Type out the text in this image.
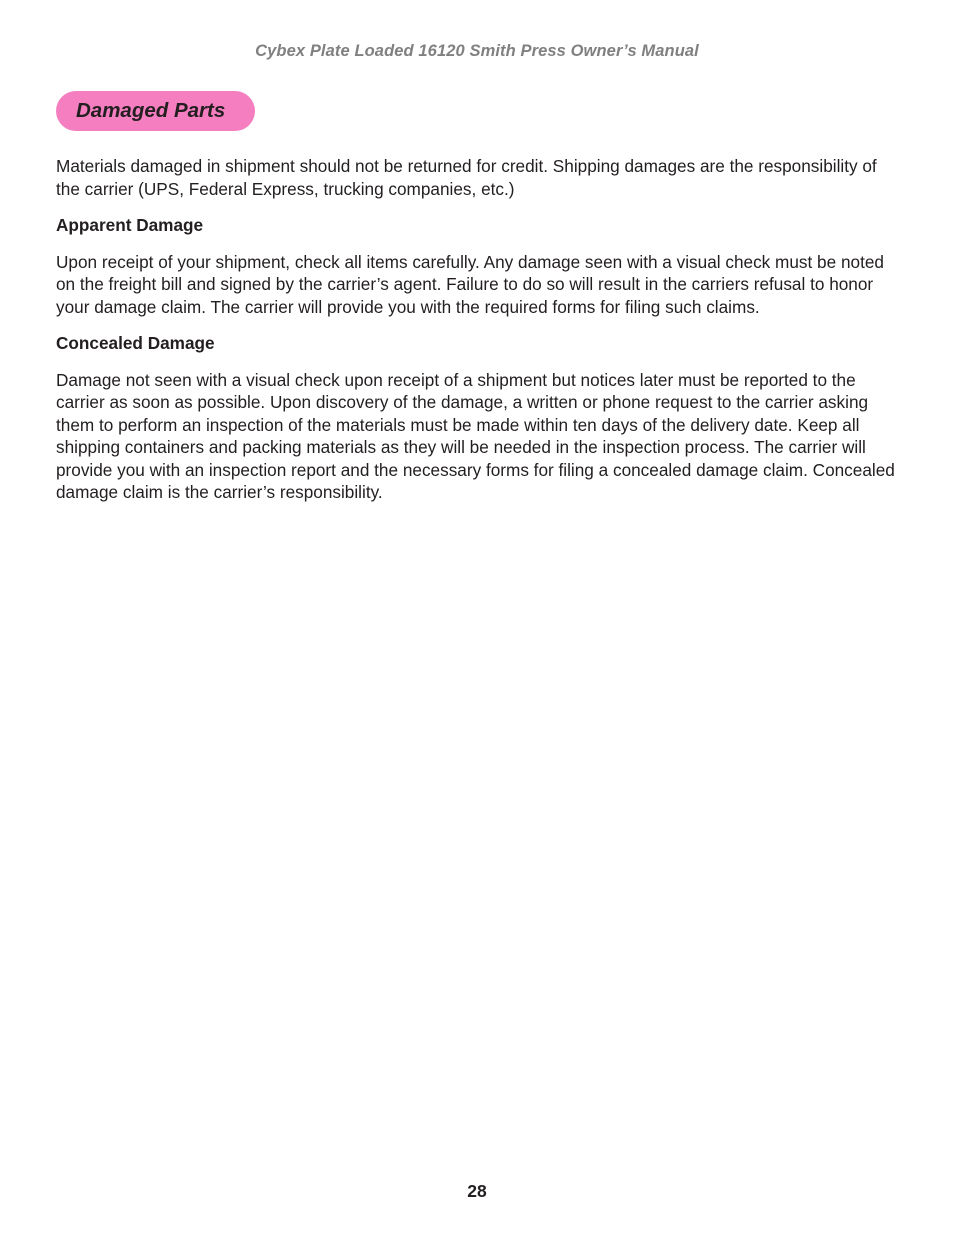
Cybex Plate Loaded 16120 Smith Press Owner’s Manual
Damaged Parts

Materials damaged in shipment should not be returned for credit. Shipping damages are the responsibility of the carrier (UPS, Federal Express, trucking companies, etc.)

Apparent Damage

Upon receipt of your shipment, check all items carefully. Any damage seen with a visual check must be noted on the freight bill and signed by the carrier’s agent. Failure to do so will result in the carriers refusal to honor your damage claim. The carrier will provide you with the required forms for filing such claims.

Concealed Damage

Damage not seen with a visual check upon receipt of a shipment but notices later must be reported to the carrier as soon as possible. Upon discovery of the damage, a written or phone request to the carrier asking them to perform an inspection of the materials must be made within ten days of the delivery date. Keep all shipping containers and packing materials as they will be needed in the inspection process. The carrier will provide you with an inspection report and the necessary forms for filing a concealed damage claim. Concealed damage claim is the carrier’s responsibility.

28
